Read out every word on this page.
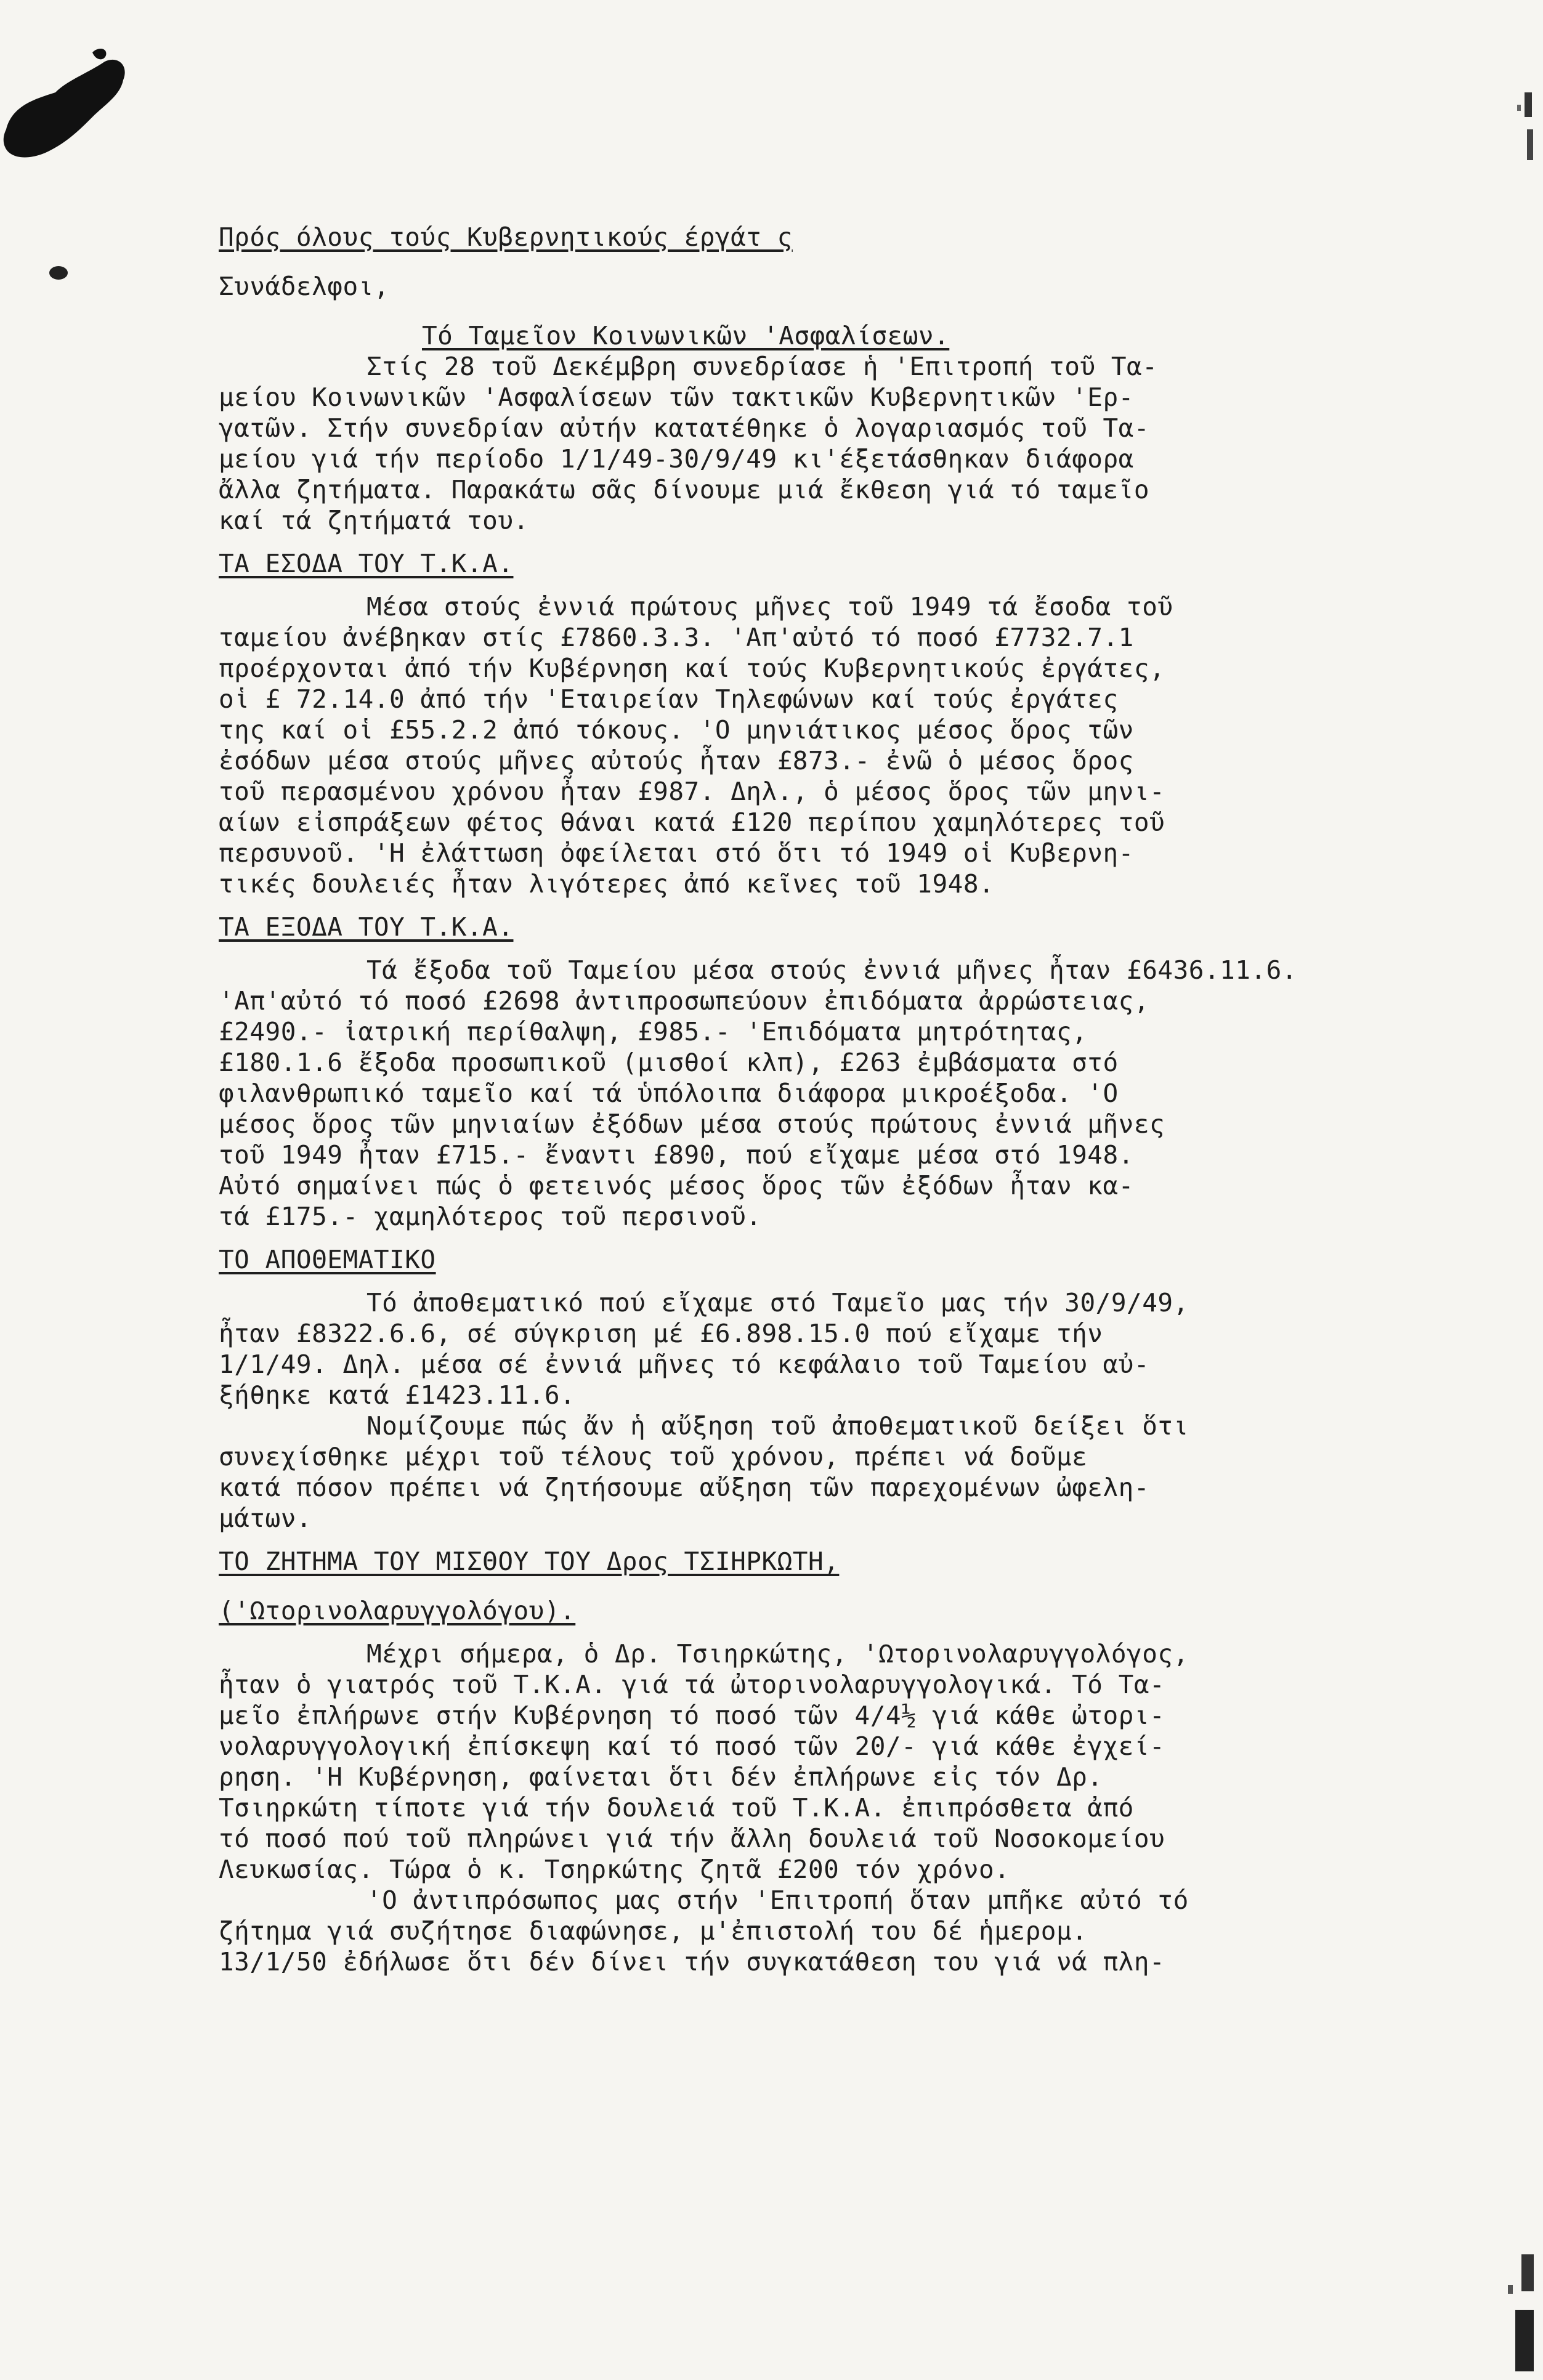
Πρός όλους τούς Κυβερνητικούς έργάτ ς

Συνάδελφοι,

Τό Ταμεῖον Κοινωνικῶν 'Ασφαλίσεων.

Στίς 28 τοῦ Δεκέμβρη συνεδρίασε ἡ 'Επιτροπή τοῦ Τα-

μείου Κοινωνικῶν 'Ασφαλίσεων τῶν τακτικῶν Κυβερνητικῶν 'Ερ-

γατῶν. Στήν συνεδρίαν αὐτήν κατατέθηκε ὁ λογαριασμός τοῦ Τα-

μείου γιά τήν περίοδο 1/1/49-30/9/49 κι'έξετάσθηκαν διάφορα

ἄλλα ζητήματα. Παρακάτω σᾶς δίνουμε μιά ἔκθεση γιά τό ταμεῖο

καί τά ζητήματά του.

ΤΑ ΕΣΟΔΑ ΤΟΥ Τ.Κ.Α.

Μέσα στούς ἐννιά πρώτους μῆνες τοῦ 1949 τά ἔσοδα τοῦ

ταμείου ἀνέβηκαν στίς £7860.3.3. 'Απ'αὐτό τό ποσό £7732.7.1

προέρχονται ἀπό τήν Κυβέρνηση καί τούς Κυβερνητικούς ἐργάτες,

οἱ £ 72.14.0 ἀπό τήν 'Εταιρείαν Τηλεφώνων καί τούς ἐργάτες

της καί οἱ £55.2.2 ἀπό τόκους. 'Ο μηνιάτικος μέσος ὅρος τῶν

ἐσόδων μέσα στούς μῆνες αὐτούς ἦταν £873.- ἐνῶ ὁ μέσος ὅρος

τοῦ περασμένου χρόνου ἦταν £987. Δηλ., ὁ μέσος ὅρος τῶν μηνι-

αίων εἰσπράξεων φέτος θάναι κατά £120 περίπου χαμηλότερες τοῦ

περσυνοῦ. 'Η ἐλάττωση ὀφείλεται στό ὅτι τό 1949 οἱ Κυβερνη-

τικές δουλειές ἦταν λιγότερες ἀπό κεῖνες τοῦ 1948.

ΤΑ ΕΞΟΔΑ ΤΟΥ Τ.Κ.Α.

Τά ἔξοδα τοῦ Ταμείου μέσα στούς ἐννιά μῆνες ἦταν £6436.11.6.

'Απ'αὐτό τό ποσό £2698 ἀντιπροσωπεύουν ἐπιδόματα ἀρρώστειας,

£2490.- ἰατρική περίθαλψη, £985.- 'Επιδόματα μητρότητας,

£180.1.6 ἔξοδα προσωπικοῦ (μισθοί κλπ), £263 ἐμβάσματα στό

φιλανθρωπικό ταμεῖο καί τά ὑπόλοιπα διάφορα μικροέξοδα. 'Ο

μέσος ὅρος τῶν μηνιαίων ἐξόδων μέσα στούς πρώτους ἐννιά μῆνες

τοῦ 1949 ἦταν £715.- ἔναντι £890, πού εἴχαμε μέσα στό 1948.

Αὐτό σημαίνει πώς ὁ φετεινός μέσος ὅρος τῶν ἐξόδων ἦταν κα-

τά £175.- χαμηλότερος τοῦ περσινοῦ.

ΤΟ ΑΠΟΘΕΜΑΤΙΚΟ

Τό ἀποθεματικό πού εἴχαμε στό Ταμεῖο μας τήν 30/9/49,

ἦταν £8322.6.6, σέ σύγκριση μέ £6.898.15.0 πού εἴχαμε τήν

1/1/49. Δηλ. μέσα σέ ἐννιά μῆνες τό κεφάλαιο τοῦ Ταμείου αὐ-

ξήθηκε κατά £1423.11.6.

Νομίζουμε πώς ἄν ἡ αὔξηση τοῦ ἀποθεματικοῦ δείξει ὅτι

συνεχίσθηκε μέχρι τοῦ τέλους τοῦ χρόνου, πρέπει νά δοῦμε

κατά πόσον πρέπει νά ζητήσουμε αὔξηση τῶν παρεχομένων ὠφελη-

μάτων.

ΤΟ ΖΗΤΗΜΑ ΤΟΥ ΜΙΣΘΟΥ ΤΟΥ Δρος ΤΣΙΗΡΚΩΤΗ,

('Ωτορινολαρυγγολόγου).

Μέχρι σήμερα, ὁ Δρ. Τσιηρκώτης, 'Ωτορινολαρυγγολόγος,

ἦταν ὁ γιατρός τοῦ Τ.Κ.Α. γιά τά ὠτορινολαρυγγολογικά. Τό Τα-

μεῖο ἐπλήρωνε στήν Κυβέρνηση τό ποσό τῶν 4/4½ γιά κάθε ὠτορι-

νολαρυγγολογική ἐπίσκεψη καί τό ποσό τῶν 20/- γιά κάθε ἐγχεί-

ρηση. 'Η Κυβέρνηση, φαίνεται ὅτι δέν ἐπλήρωνε εἰς τόν Δρ.

Τσιηρκώτη τίποτε γιά τήν δουλειά τοῦ Τ.Κ.Α. ἐπιπρόσθετα ἀπό

τό ποσό πού τοῦ πληρώνει γιά τήν ἄλλη δουλειά τοῦ Νοσοκομείου

Λευκωσίας. Τώρα ὁ κ. Τσηρκώτης ζητᾶ £200 τόν χρόνο.

'Ο ἀντιπρόσωπος μας στήν 'Επιτροπή ὅταν μπῆκε αὐτό τό

ζήτημα γιά συζήτησε διαφώνησε, μ'ἐπιστολή του δέ ἡμερομ.

13/1/50 ἐδήλωσε ὅτι δέν δίνει τήν συγκατάθεση του γιά νά πλη-
